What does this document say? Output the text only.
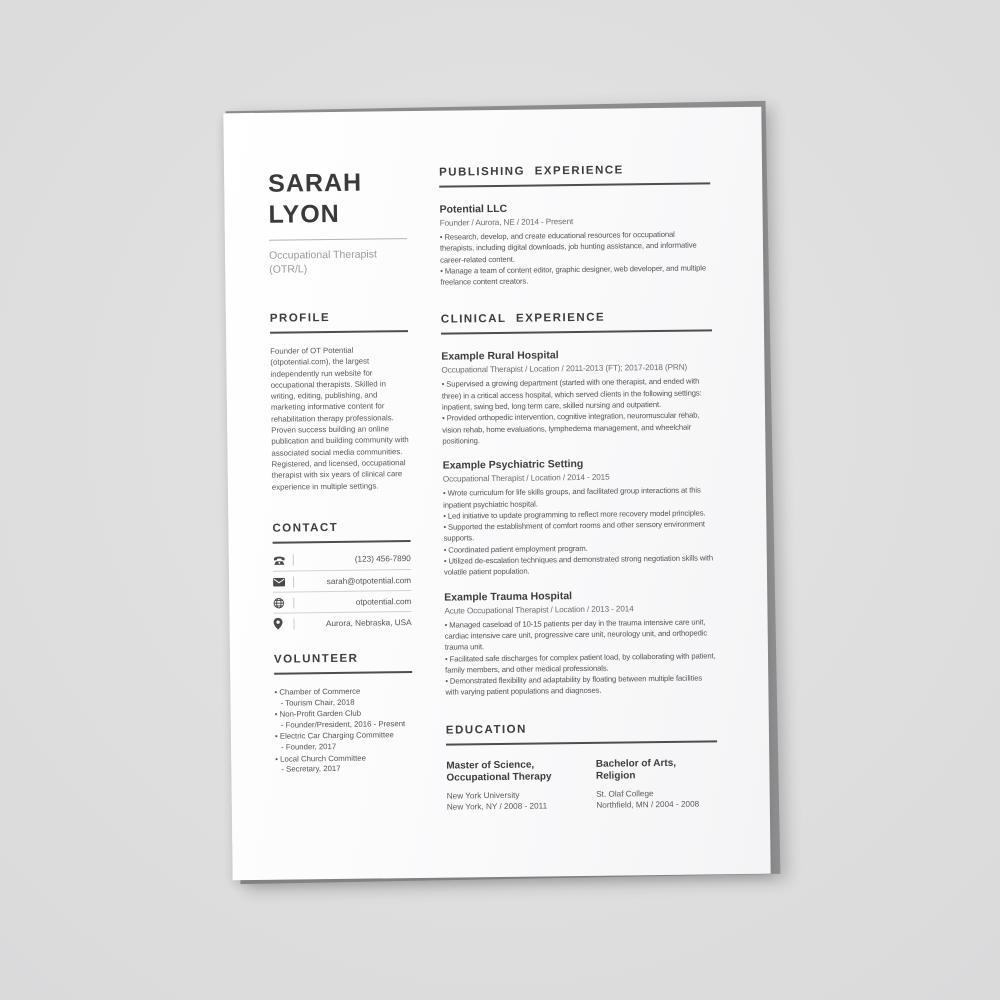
SARAH LYON

Occupational Therapist (OTR/L)

PROFILE

Founder of OT Potential (otpotential.com), the largest independently run website for occupational therapists. Skilled in writing, editing, publishing, and marketing informative content for rehabilitation therapy professionals. Proven success building an online publication and building community with associated social media communities. Registered, and licensed, occupational therapist with six years of clinical care experience in multiple settings.

CONTACT
(123) 456-7890
sarah@otpotential.com
otpotential.com
Aurora, Nebraska, USA
VOLUNTEER
• Chamber of Commerce
- Tourism Chair, 2018
• Non-Profit Garden Club
- Founder/President, 2016 - Present
• Electric Car Charging Committee
- Founder, 2017
• Local Church Committee
- Secretary, 2017
PUBLISHING EXPERIENCE
Potential LLC
Founder / Aurora, NE / 2014 - Present

• Research, develop, and create educational resources for occupational therapists, including digital downloads, job hunting assistance, and informative career-related content.

• Manage a team of content editor, graphic designer, web developer, and multiple freelance content creators.

CLINICAL EXPERIENCE
Example Rural Hospital
Occupational Therapist / Location / 2011-2013 (FT); 2017-2018 (PRN)

• Supervised a growing department (started with one therapist, and ended with three) in a critical access hospital, which served clients in the following settings: inpatient, swing bed, long term care, skilled nursing and outpatient.

• Provided orthopedic intervention, cognitive integration, neuromuscular rehab, vision rehab, home evaluations, lymphedema management, and wheelchair positioning.

Example Psychiatric Setting
Occupational Therapist / Location / 2014 - 2015

• Wrote curriculum for life skills groups, and facilitated group interactions at this inpatient psychiatric hospital.

• Led initiative to update programming to reflect more recovery model principles.

• Supported the establishment of comfort rooms and other sensory environment supports.

• Coordinated patient employment program.

• Utilized de-escalation techniques and demonstrated strong negotiation skills with volatile patient population.

Example Trauma Hospital
Acute Occupational Therapist / Location / 2013 - 2014

• Managed caseload of 10-15 patients per day in the trauma intensive care unit, cardiac intensive care unit, progressive care unit, neurology unit, and orthopedic trauma unit.

• Facilitated safe discharges for complex patient load, by collaborating with patient, family members, and other medical professionals.

• Demonstrated flexibility and adaptability by floating between multiple facilities with varying patient populations and diagnoses.

EDUCATION
Master of Science, Occupational Therapy
New York University
New York, NY / 2008 - 2011
Bachelor of Arts, Religion
St. Olaf College
Northfield, MN / 2004 - 2008
